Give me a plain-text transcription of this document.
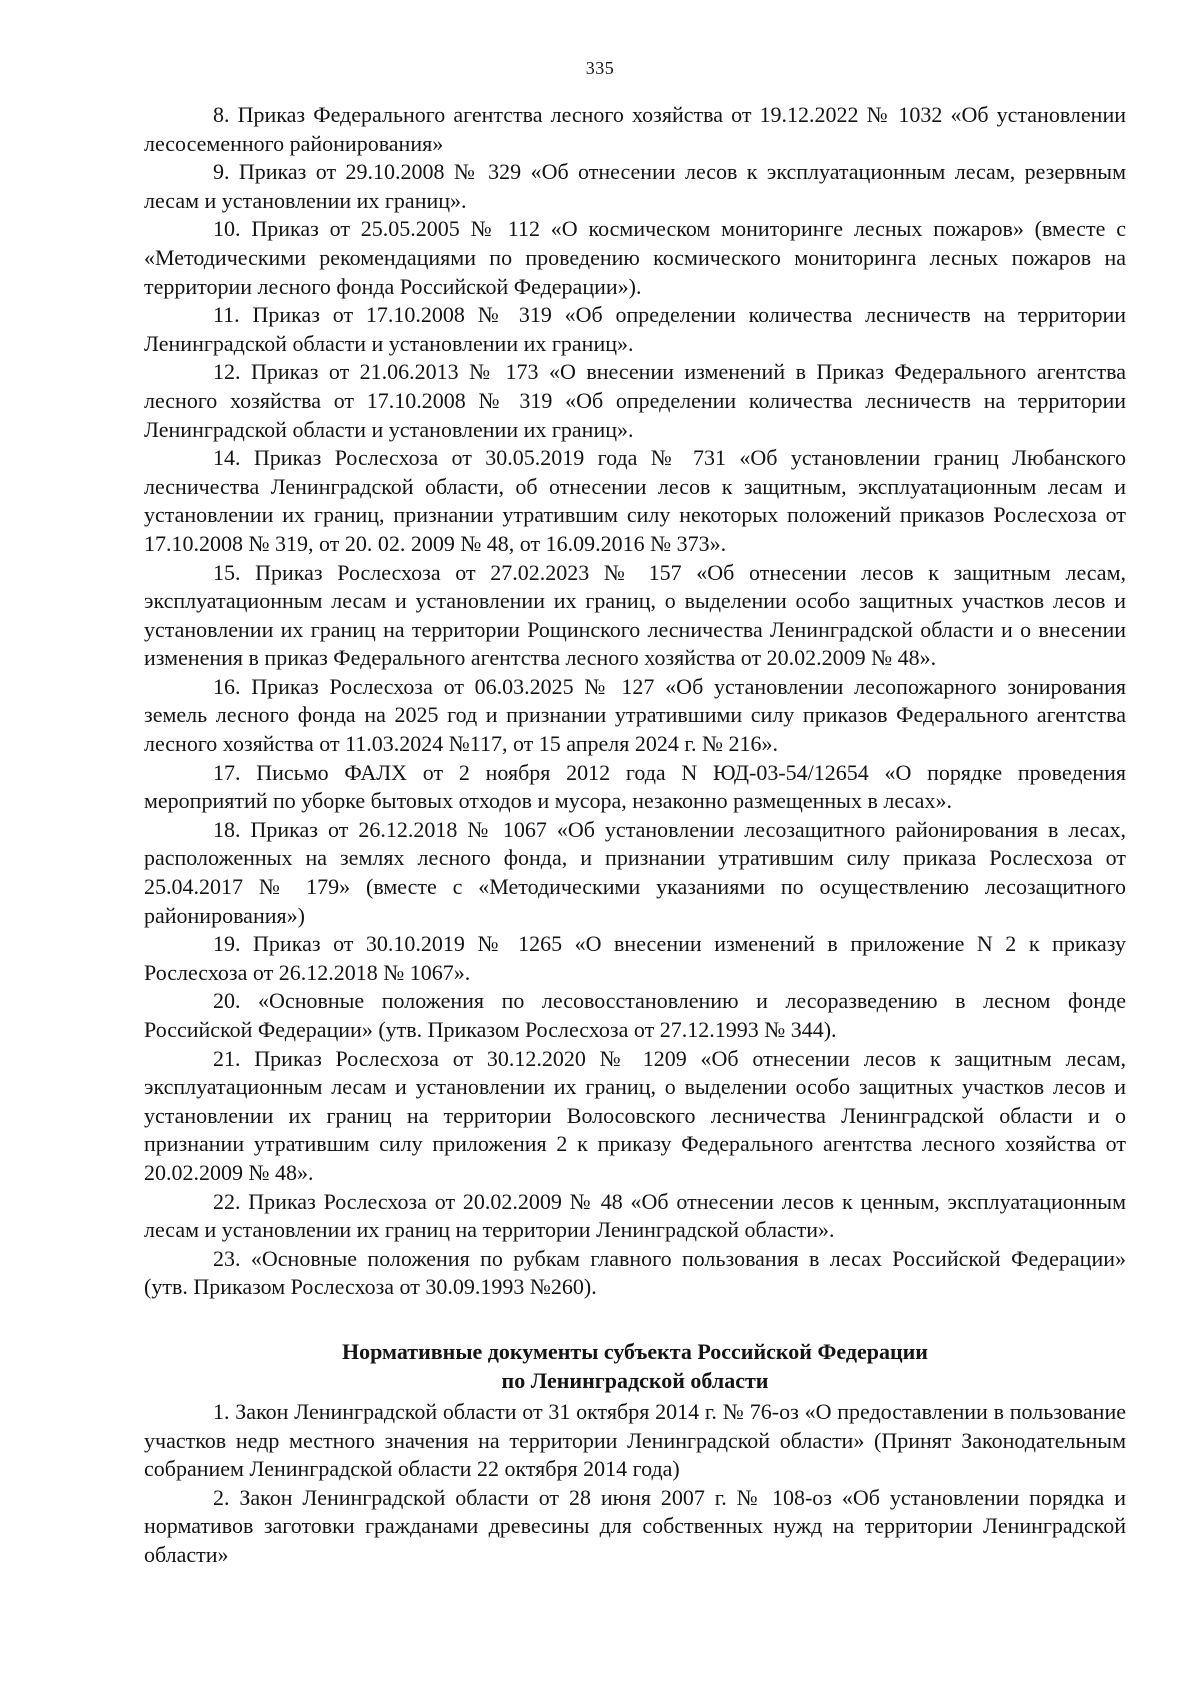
335

8. Приказ Федерального агентства лесного хозяйства от 19.12.2022 № 1032 «Об установлении лесосеменного районирования»

9. Приказ от 29.10.2008 № 329 «Об отнесении лесов к эксплуатационным лесам, резервным лесам и установлении их границ».

10. Приказ от 25.05.2005 № 112 «О космическом мониторинге лесных пожаров» (вместе с «Методическими рекомендациями по проведению космического мониторинга лесных пожаров на территории лесного фонда Российской Федерации»).

11. Приказ от 17.10.2008 № 319 «Об определении количества лесничеств на территории Ленинградской области и установлении их границ».

12. Приказ от 21.06.2013 № 173 «О внесении изменений в Приказ Федерального агентства лесного хозяйства от 17.10.2008 № 319 «Об определении количества лесничеств на территории Ленинградской области и установлении их границ».

14. Приказ Рослесхоза от 30.05.2019 года № 731 «Об установлении границ Любанского лесничества Ленинградской области, об отнесении лесов к защитным, эксплуатационным лесам и установлении их границ, признании утратившим силу некоторых положений приказов Рослесхоза от 17.10.2008 № 319, от 20. 02. 2009 № 48, от 16.09.2016 № 373».

15. Приказ Рослесхоза от 27.02.2023 № 157 «Об отнесении лесов к защитным лесам, эксплуатационным лесам и установлении их границ, о выделении особо защитных участков лесов и установлении их границ на территории Рощинского лесничества Ленинградской области и о внесении изменения в приказ Федерального агентства лесного хозяйства от 20.02.2009 № 48».

16. Приказ Рослесхоза от 06.03.2025 № 127 «Об установлении лесопожарного зонирования земель лесного фонда на 2025 год и признании утратившими силу приказов Федерального агентства лесного хозяйства от 11.03.2024 №117, от 15 апреля 2024 г. № 216».

17. Письмо ФАЛХ от 2 ноября 2012 года N ЮД-03-54/12654 «О порядке проведения мероприятий по уборке бытовых отходов и мусора, незаконно размещенных в лесах».

18. Приказ от 26.12.2018 № 1067 «Об установлении лесозащитного районирования в лесах, расположенных на землях лесного фонда, и признании утратившим силу приказа Рослесхоза от 25.04.2017 № 179» (вместе с «Методическими указаниями по осуществлению лесозащитного районирования»)

19. Приказ от 30.10.2019 № 1265 «О внесении изменений в приложение N 2 к приказу Рослесхоза от 26.12.2018 № 1067».

20. «Основные положения по лесовосстановлению и лесоразведению в лесном фонде Российской Федерации» (утв. Приказом Рослесхоза от 27.12.1993 № 344).

21. Приказ Рослесхоза от 30.12.2020 № 1209 «Об отнесении лесов к защитным лесам, эксплуатационным лесам и установлении их границ, о выделении особо защитных участков лесов и установлении их границ на территории Волосовского лесничества Ленинградской области и о признании утратившим силу приложения 2 к приказу Федерального агентства лесного хозяйства от 20.02.2009 № 48».

22. Приказ Рослесхоза от 20.02.2009 № 48 «Об отнесении лесов к ценным, эксплуатационным лесам и установлении их границ на территории Ленинградской области».

23. «Основные положения по рубкам главного пользования в лесах Российской Федерации» (утв. Приказом Рослесхоза от 30.09.1993 №260).

Нормативные документы субъекта Российской Федерации
по Ленинградской области

1. Закон Ленинградской области от 31 октября 2014 г. № 76-оз «О предоставлении в пользование участков недр местного значения на территории Ленинградской области» (Принят Законодательным собранием Ленинградской области 22 октября 2014 года)

2. Закон Ленинградской области от 28 июня 2007 г. № 108-оз «Об установлении порядка и нормативов заготовки гражданами древесины для собственных нужд на территории Ленинградской области»
